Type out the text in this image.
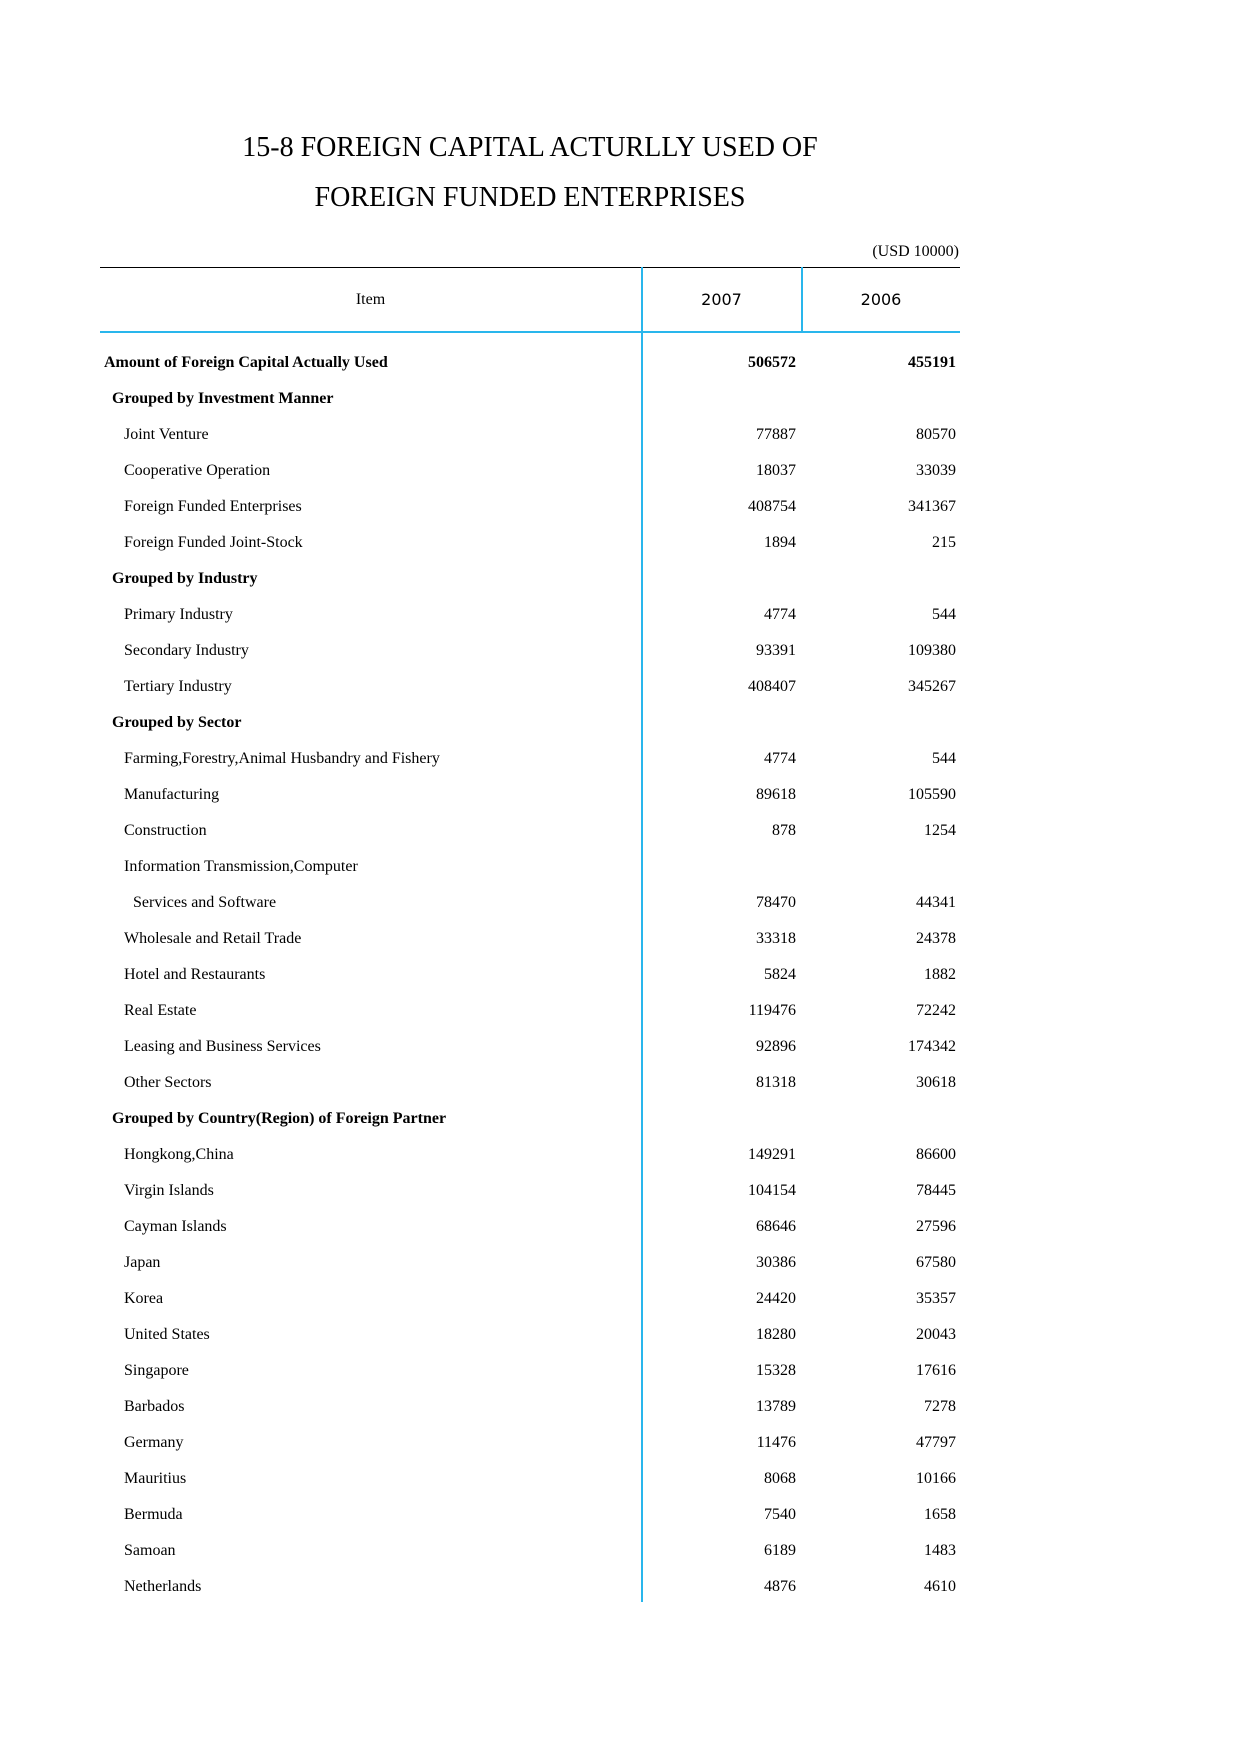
15-8 FOREIGN CAPITAL ACTURLLY USED OF
FOREIGN FUNDED ENTERPRISES
(USD 10000)
Item	2007	2006
Amount of Foreign Capital Actually Used	506572	455191
Grouped by Investment Manner
Joint Venture	77887	80570
Cooperative Operation	18037	33039
Foreign Funded Enterprises	408754	341367
Foreign Funded Joint-Stock	1894	215
Grouped by Industry
Primary Industry	4774	544
Secondary Industry	93391	109380
Tertiary Industry	408407	345267
Grouped by Sector
Farming,Forestry,Animal Husbandry and Fishery	4774	544
Manufacturing	89618	105590
Construction	878	1254
Information Transmission,Computer
Services and Software	78470	44341
Wholesale and Retail Trade	33318	24378
Hotel and Restaurants	5824	1882
Real Estate	119476	72242
Leasing and Business Services	92896	174342
Other Sectors	81318	30618
Grouped by Country(Region) of Foreign Partner
Hongkong,China	149291	86600
Virgin Islands	104154	78445
Cayman Islands	68646	27596
Japan	30386	67580
Korea	24420	35357
United States	18280	20043
Singapore	15328	17616
Barbados	13789	7278
Germany	11476	47797
Mauritius	8068	10166
Bermuda	7540	1658
Samoan	6189	1483
Netherlands	4876	4610
